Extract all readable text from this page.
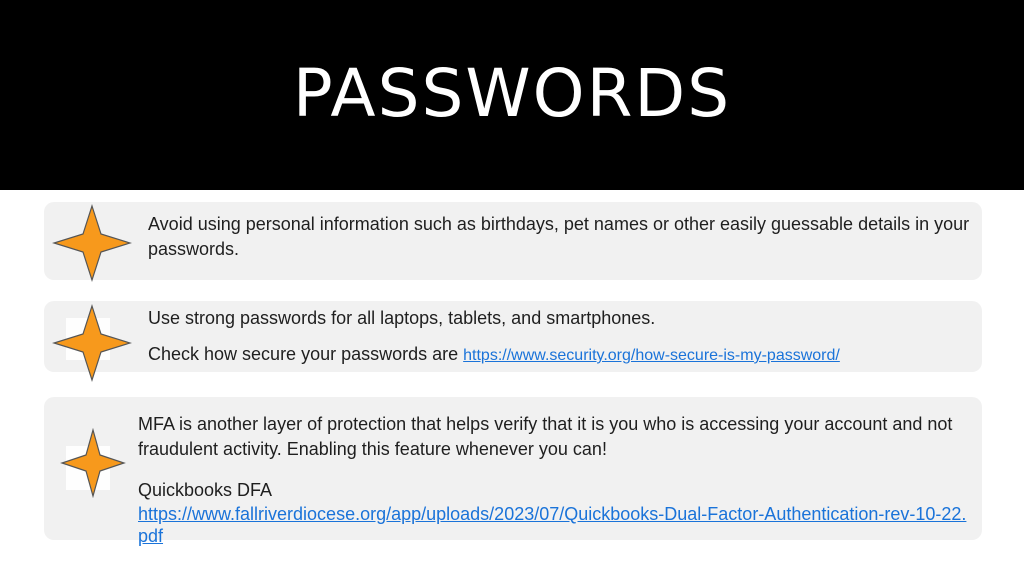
PASSWORDS

Avoid using personal information such as birthdays, pet names or other easily guessable details in your passwords.

Use strong passwords for all laptops, tablets, and smartphones.

Check how secure your passwords are https://www.security.org/how-secure-is-my-password/

MFA is another layer of protection that helps verify that it is you who is accessing your account and not fraudulent activity. Enabling this feature whenever you can!

Quickbooks DFA

https://www.fallriverdiocese.org/app/uploads/2023/07/Quickbooks-Dual-Factor-Authentication-rev-10-22.pdf
